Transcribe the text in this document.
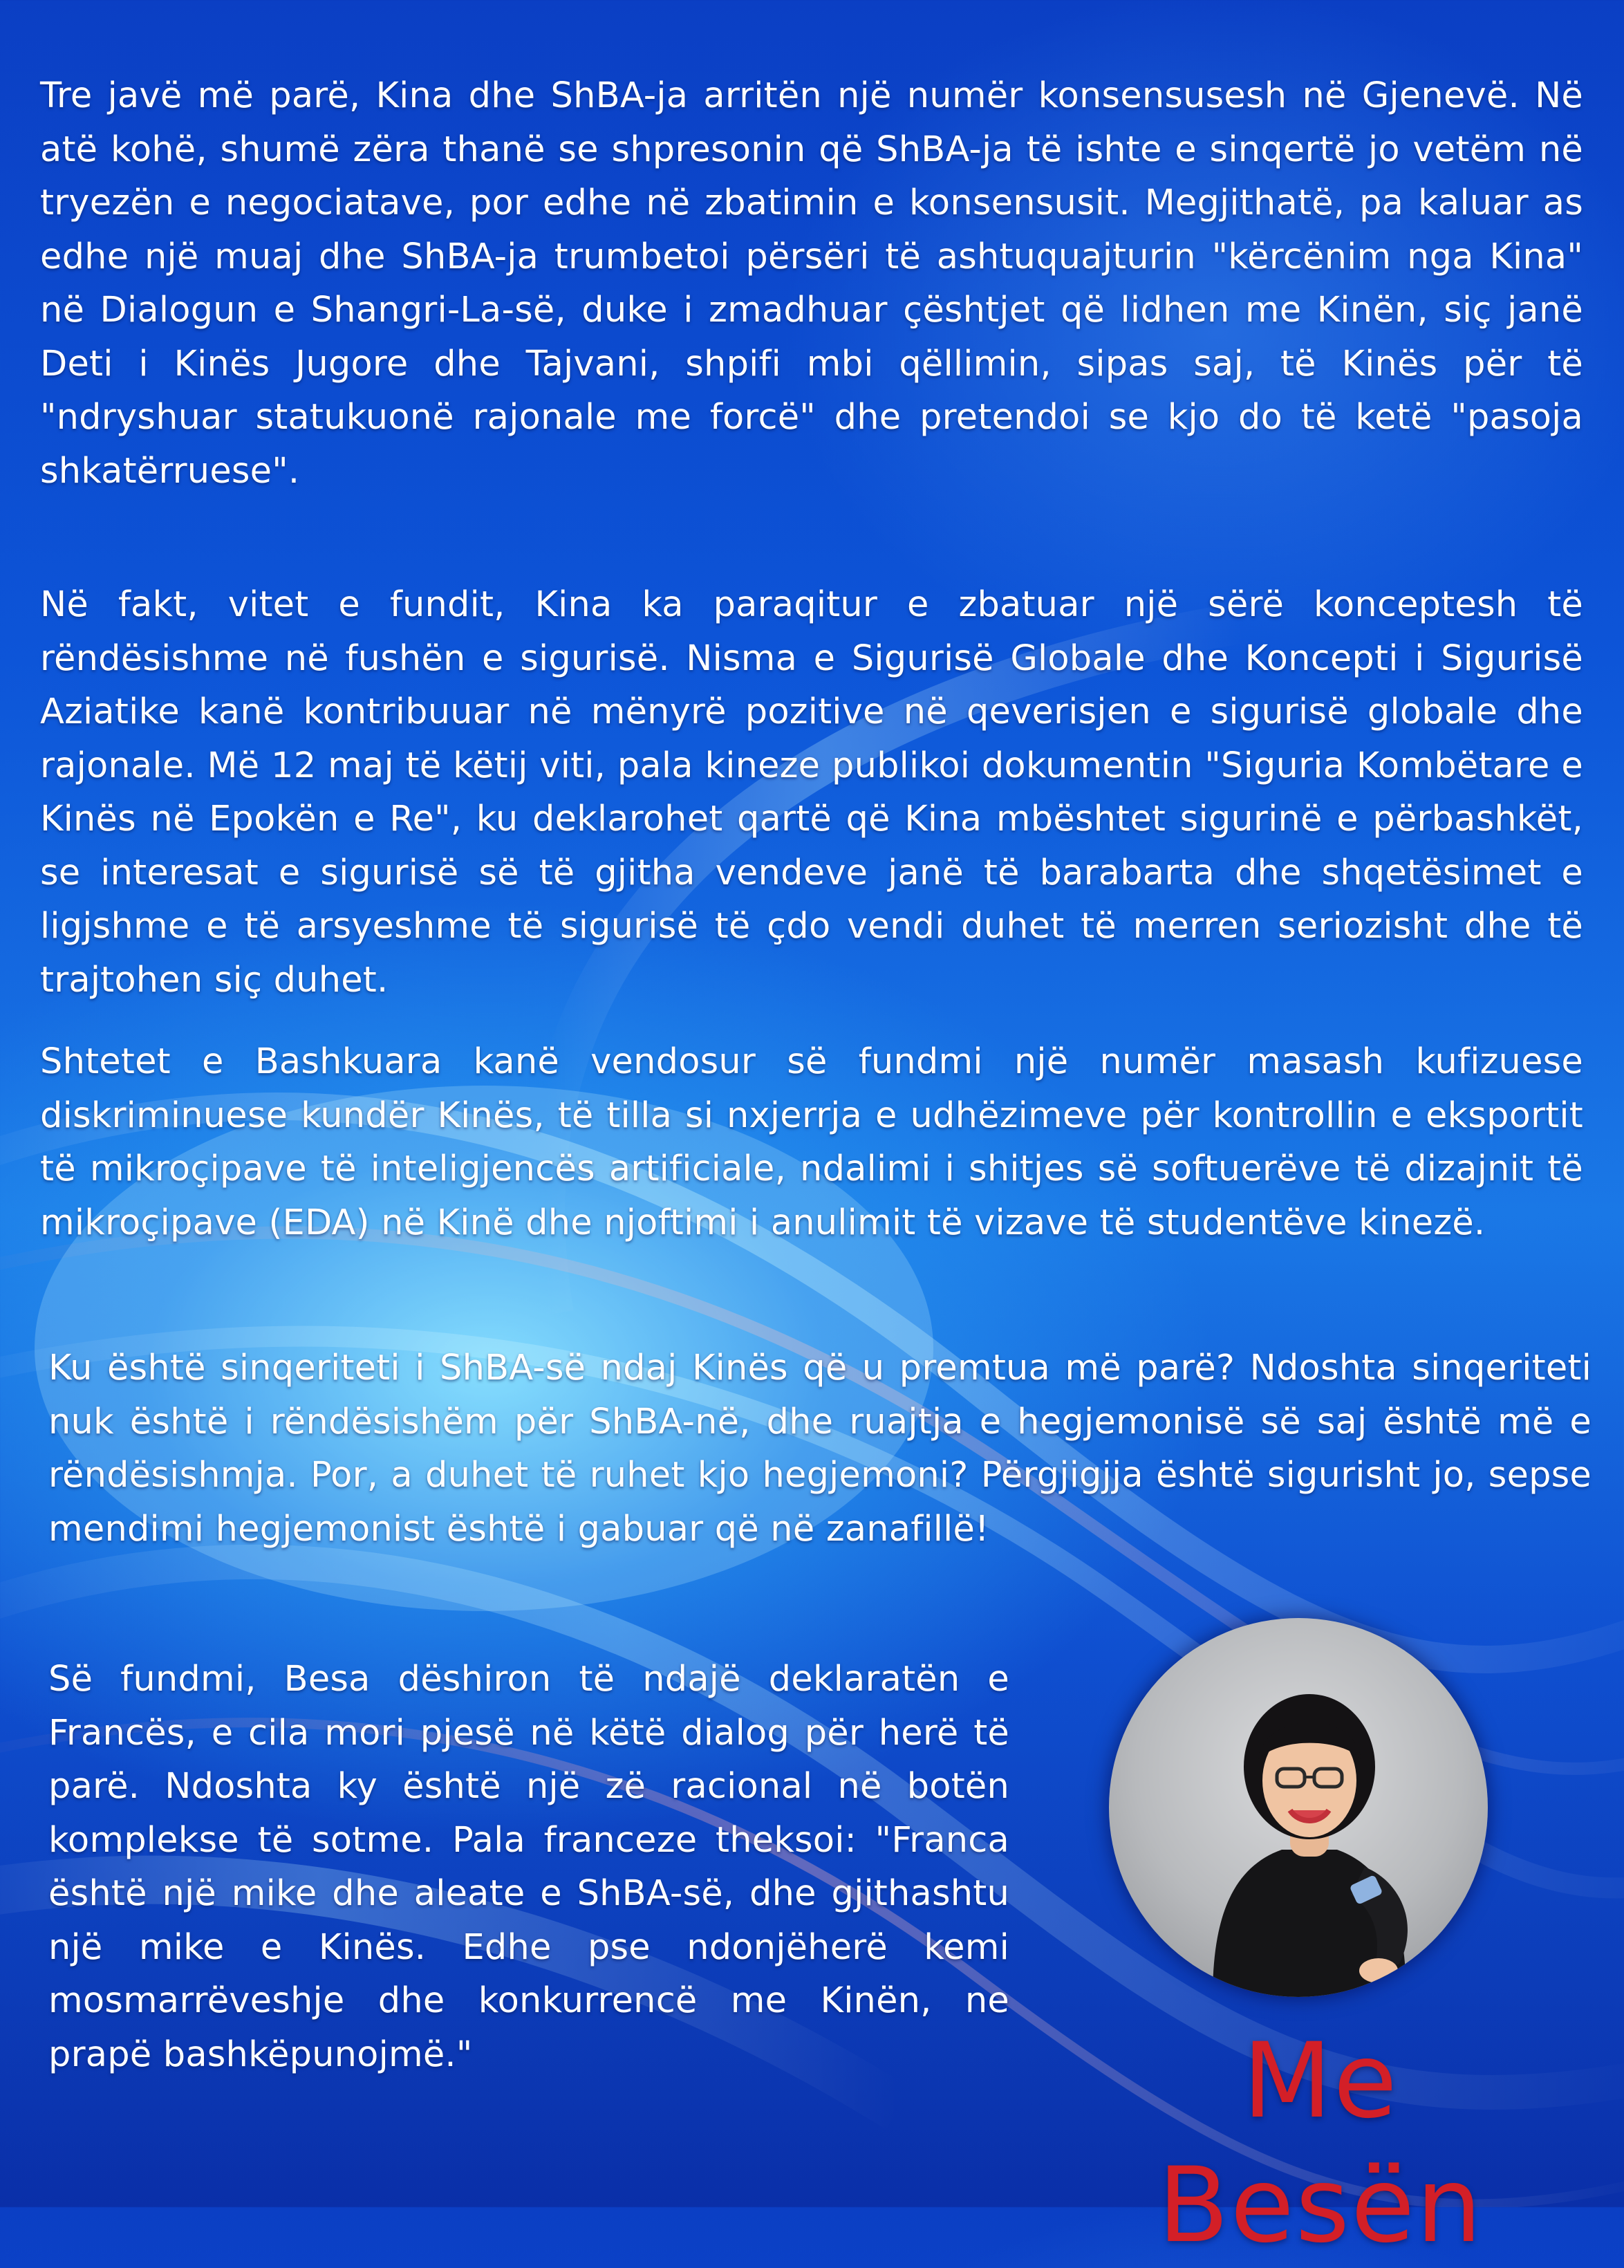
Tre javë më parë, Kina dhe ShBA-ja arritën një numër konsensusesh në Gjenevë. Në atë kohë, shumë zëra thanë se shpresonin që ShBA-ja të ishte e sinqertë jo vetëm në tryezën e negociatave, por edhe në zbatimin e konsensusit. Megjithatë, pa kaluar as edhe një muaj dhe ShBA-ja trumbetoi përsëri të ashtuquajturin "kërcënim nga Kina" në Dialogun e Shangri-La-së, duke i zmadhuar çështjet që lidhen me Kinën, siç janë Deti i Kinës Jugore dhe Tajvani, shpifi mbi qëllimin, sipas saj, të Kinës për të "ndryshuar statukuonë rajonale me forcë" dhe pretendoi se kjo do të ketë "pasoja shkatërruese".

Në fakt, vitet e fundit, Kina ka paraqitur e zbatuar një sërë konceptesh të rëndësishme në fushën e sigurisë. Nisma e Sigurisë Globale dhe Koncepti i Sigurisë Aziatike kanë kontribuuar në mënyrë pozitive në qeverisjen e sigurisë globale dhe rajonale. Më 12 maj të këtij viti, pala kineze publikoi dokumentin "Siguria Kombëtare e Kinës në Epokën e Re", ku deklarohet qartë që Kina mbështet sigurinë e përbashkët, se interesat e sigurisë së të gjitha vendeve janë të barabarta dhe shqetësimet e ligjshme e të arsyeshme të sigurisë të çdo vendi duhet të merren seriozisht dhe të trajtohen siç duhet.

Shtetet e Bashkuara kanë vendosur së fundmi një numër masash kufizuese diskriminuese kundër Kinës, të tilla si nxjerrja e udhëzimeve për kontrollin e eksportit të mikroçipave të inteligjencës artificiale, ndalimi i shitjes së softuerëve të dizajnit të mikroçipave (EDA) në Kinë dhe njoftimi i anulimit të vizave të studentëve kinezë.

Ku është sinqeriteti i ShBA-së ndaj Kinës që u premtua më parë? Ndoshta sinqeriteti nuk është i rëndësishëm për ShBA-në, dhe ruajtja e hegjemonisë së saj është më e rëndësishmja. Por, a duhet të ruhet kjo hegjemoni? Përgjigjja është sigurisht jo, sepse mendimi hegjemonist është i gabuar që në zanafillë!

Së fundmi, Besa dëshiron të ndajë deklaratën e Francës, e cila mori pjesë në këtë dialog për herë të parë. Ndoshta ky është një zë racional në botën komplekse të sotme. Pala franceze theksoi: "Franca është një mike dhe aleate e ShBA-së, dhe gjithashtu një mike e Kinës. Edhe pse ndonjëherë kemi mosmarrëveshje dhe konkurrencë me Kinën, ne prapë bashkëpunojmë."	Me Besën
